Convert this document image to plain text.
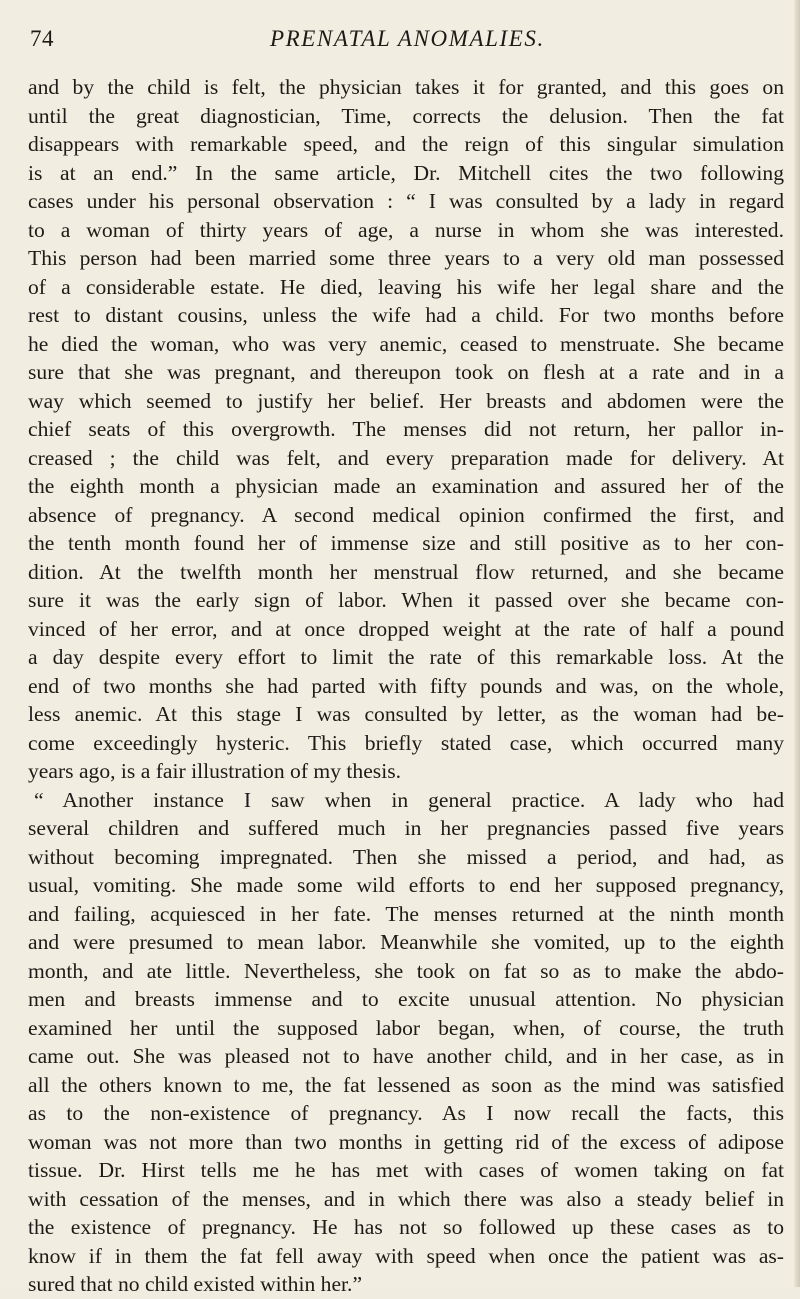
74	PRENATAL ANOMALIES.
and by the child is felt, the physician takes it for granted, and this goes on
until the great diagnostician, Time, corrects the delusion. Then the fat
disappears with remarkable speed, and the reign of this singular simulation
is at an end.” In the same article, Dr. Mitchell cites the two following
cases under his personal observation : “ I was consulted by a lady in regard
to a woman of thirty years of age, a nurse in whom she was interested.
This person had been married some three years to a very old man possessed
of a considerable estate. He died, leaving his wife her legal share and the
rest to distant cousins, unless the wife had a child. For two months before
he died the woman, who was very anemic, ceased to menstruate. She became
sure that she was pregnant, and thereupon took on flesh at a rate and in a
way which seemed to justify her belief. Her breasts and abdomen were the
chief seats of this overgrowth. The menses did not return, her pallor in-
creased ; the child was felt, and every preparation made for delivery. At
the eighth month a physician made an examination and assured her of the
absence of pregnancy. A second medical opinion confirmed the first, and
the tenth month found her of immense size and still positive as to her con-
dition. At the twelfth month her menstrual flow returned, and she became
sure it was the early sign of labor. When it passed over she became con-
vinced of her error, and at once dropped weight at the rate of half a pound
a day despite every effort to limit the rate of this remarkable loss. At the
end of two months she had parted with fifty pounds and was, on the whole,
less anemic. At this stage I was consulted by letter, as the woman had be-
come exceedingly hysteric. This briefly stated case, which occurred many
years ago, is a fair illustration of my thesis.
“ Another instance I saw when in general practice. A lady who had
several children and suffered much in her pregnancies passed five years
without becoming impregnated. Then she missed a period, and had, as
usual, vomiting. She made some wild efforts to end her supposed pregnancy,
and failing, acquiesced in her fate. The menses returned at the ninth month
and were presumed to mean labor. Meanwhile she vomited, up to the eighth
month, and ate little. Nevertheless, she took on fat so as to make the abdo-
men and breasts immense and to excite unusual attention. No physician
examined her until the supposed labor began, when, of course, the truth
came out. She was pleased not to have another child, and in her case, as in
all the others known to me, the fat lessened as soon as the mind was satisfied
as to the non-existence of pregnancy. As I now recall the facts, this
woman was not more than two months in getting rid of the excess of adipose
tissue. Dr. Hirst tells me he has met with cases of women taking on fat
with cessation of the menses, and in which there was also a steady belief in
the existence of pregnancy. He has not so followed up these cases as to
know if in them the fat fell away with speed when once the patient was as-
sured that no child existed within her.”
